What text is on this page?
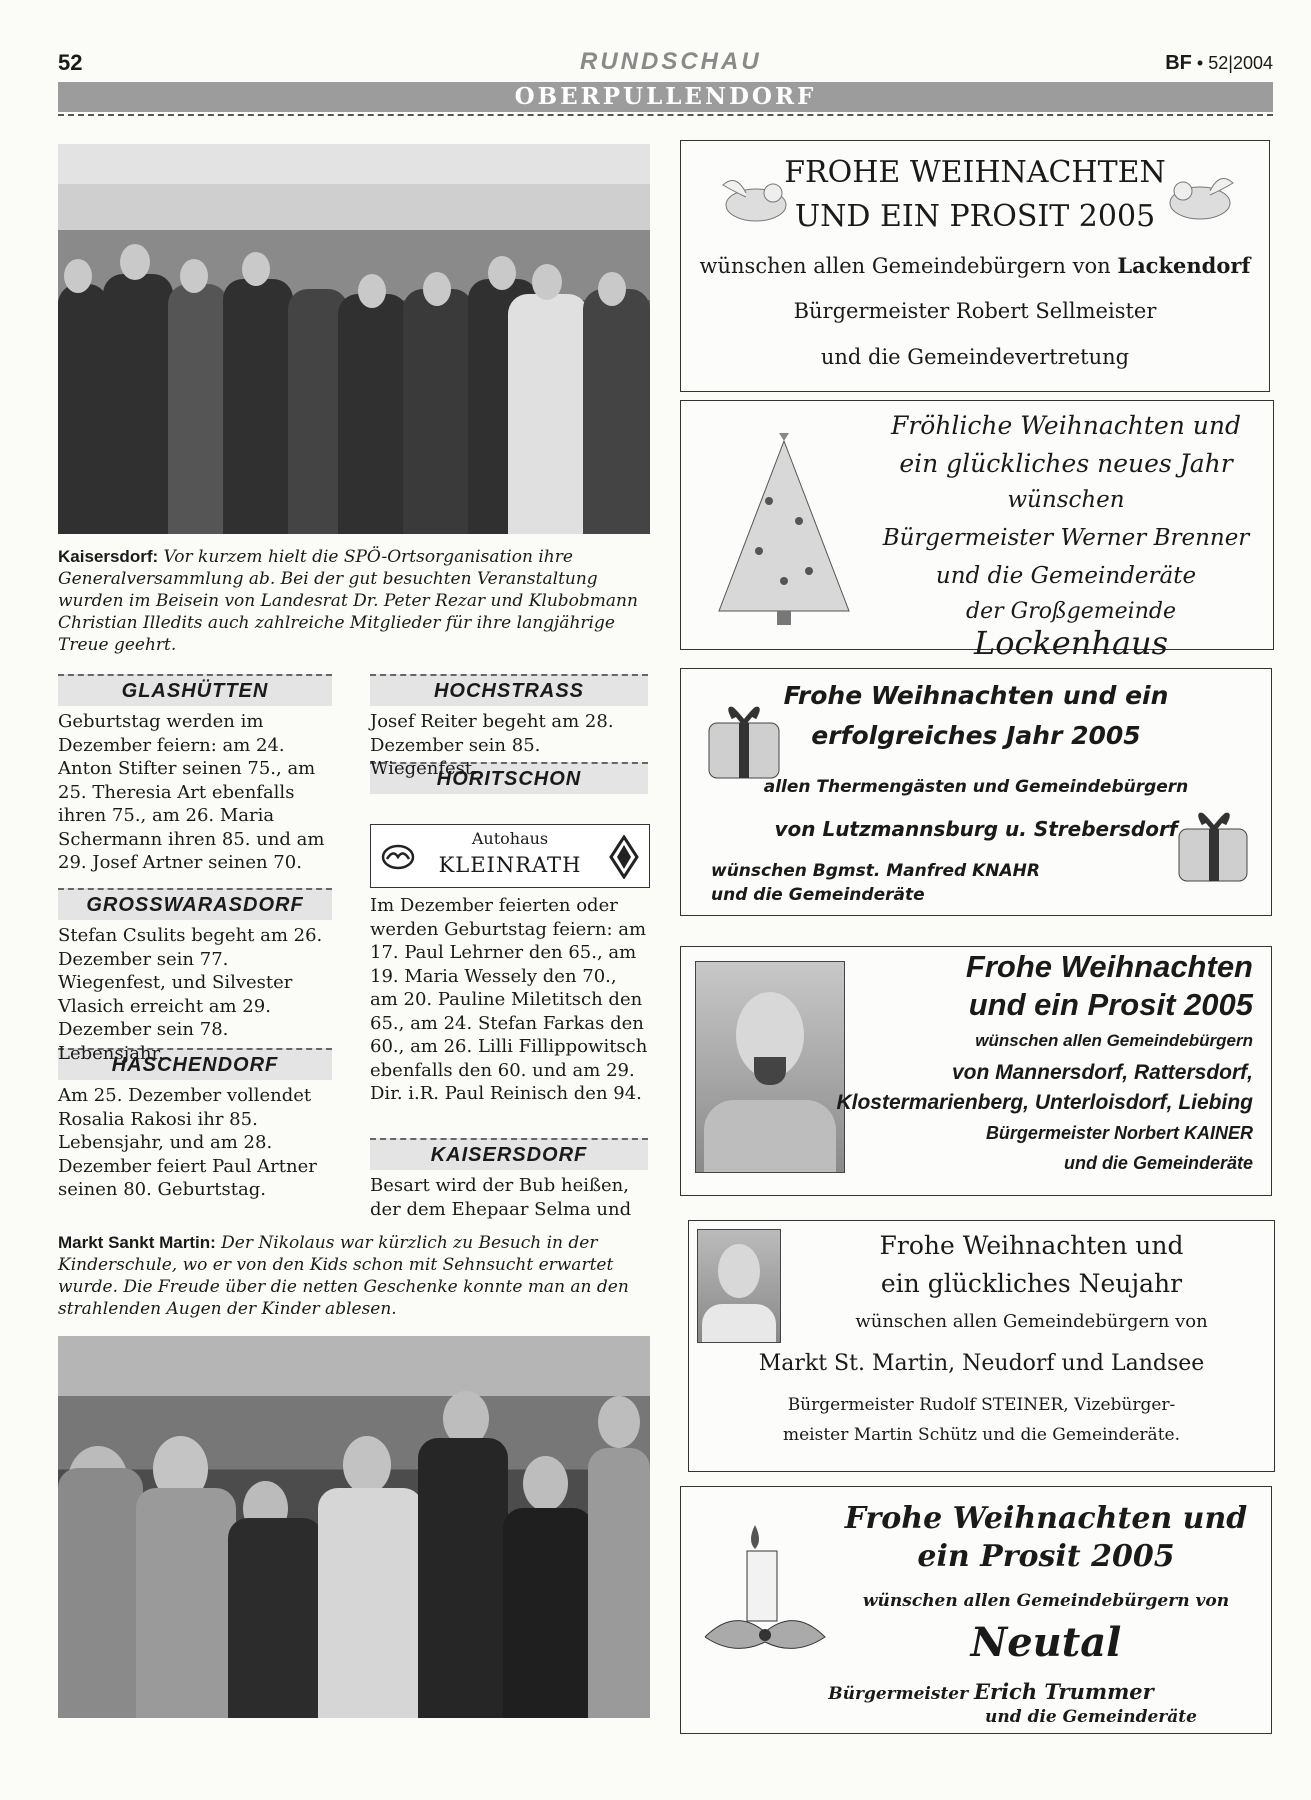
52	RUNDSCHAU	BF • 52|2004
OBERPULLENDORF
Kaisersdorf: Vor kurzem hielt die SPÖ-Ortsorganisation ihre Generalversammlung ab. Bei der gut besuchten Veranstaltung wurden im Beisein von Landesrat Dr. Peter Rezar und Klubobmann Christian Illedits auch zahlreiche Mitglieder für ihre langjährige Treue geehrt.
GLASHÜTTEN
Geburtstag werden im Dezember feiern: am 24. Anton Stifter seinen 75., am 25. Theresia Art ebenfalls ihren 75., am 26. Maria Schermann ihren 85. und am 29. Josef Artner seinen 70.
GROSSWARASDORF
Stefan Csulits begeht am 26. Dezember sein 77. Wiegenfest, und Silvester Vlasich erreicht am 29. Dezember sein 78. Lebensjahr.
HASCHENDORF
Am 25. Dezember vollendet Rosalia Rakosi ihr 85. Lebensjahr, und am 28. Dezember feiert Paul Artner seinen 80. Geburtstag.
HOCHSTRASS
Josef Reiter begeht am 28. Dezember sein 85. Wiegenfest.
HORITSCHON
Autohaus
KLEINRATH
Im Dezember feierten oder werden Geburtstag feiern: am 17. Paul Lehrner den 65., am 19. Maria Wessely den 70., am 20. Pauline Miletitsch den 65., am 24. Stefan Farkas den 60., am 26. Lilli Fillippowitsch ebenfalls den 60. und am 29. Dir. i.R. Paul Reinisch den 94.
KAISERSDORF
Besart wird der Bub heißen, der dem Ehepaar Selma und
Markt Sankt Martin: Der Nikolaus war kürzlich zu Besuch in der Kinderschule, wo er von den Kids schon mit Sehnsucht erwartet wurde. Die Freude über die netten Geschenke konnte man an den strahlenden Augen der Kinder ablesen.
FROHE WEIHNACHTEN
UND EIN PROSIT 2005
wünschen allen Gemeindebürgern von Lackendorf
Bürgermeister Robert Sellmeister
und die Gemeindevertretung
Fröhliche Weihnachten und
ein glückliches neues Jahr
wünschen
Bürgermeister Werner Brenner
und die Gemeinderäte
der Großgemeinde Lockenhaus
Frohe Weihnachten und ein
erfolgreiches Jahr 2005
allen Thermengästen und Gemeindebürgern
von Lutzmannsburg u. Strebersdorf
wünschen Bgmst. Manfred KNAHR
und die Gemeinderäte
Frohe Weihnachten
und ein Prosit 2005
wünschen allen Gemeindebürgern
von Mannersdorf, Rattersdorf,
Klostermarienberg, Unterloisdorf, Liebing
Bürgermeister Norbert KAINER
und die Gemeinderäte
Frohe Weihnachten und
ein glückliches Neujahr
wünschen allen Gemeindebürgern von
Markt St. Martin, Neudorf und Landsee
Bürgermeister Rudolf STEINER, Vizebürger-
meister Martin Schütz und die Gemeinderäte.
Frohe Weihnachten und
ein Prosit 2005
wünschen allen Gemeindebürgern von
Neutal
Bürgermeister Erich Trummer
und die Gemeinderäte
